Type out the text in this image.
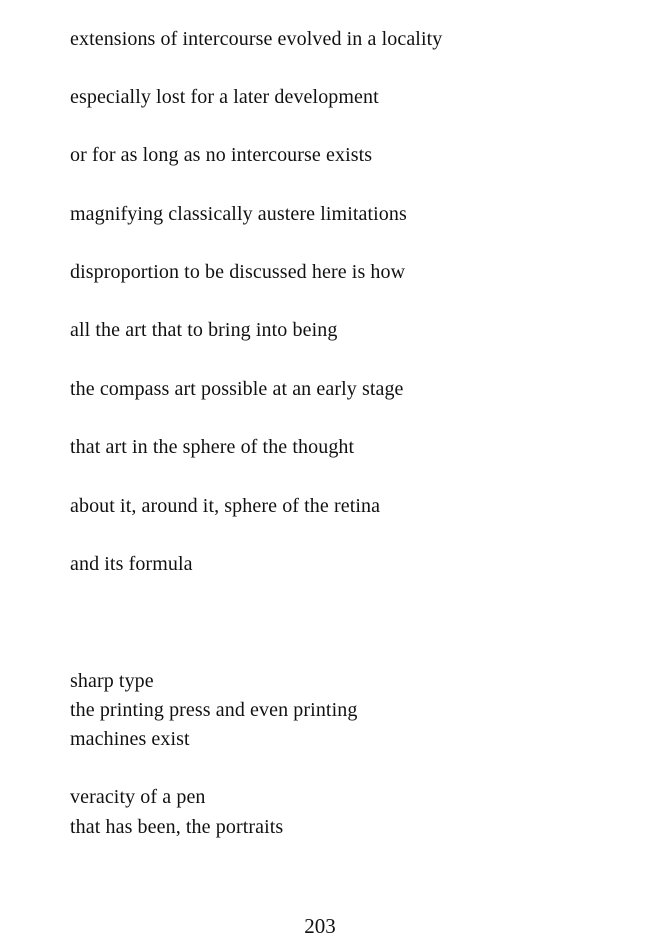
extensions of intercourse evolved in a locality
especially lost for a later development
or for as long as no intercourse exists
magnifying classically austere limitations
disproportion to be discussed here is how
all the art that to bring into being
the compass art possible at an early stage
that art in the sphere of the thought
about it, around it, sphere of the retina
and its formula
sharp type
the printing press and even printing
machines exist
veracity of a pen
that has been, the portraits
203
